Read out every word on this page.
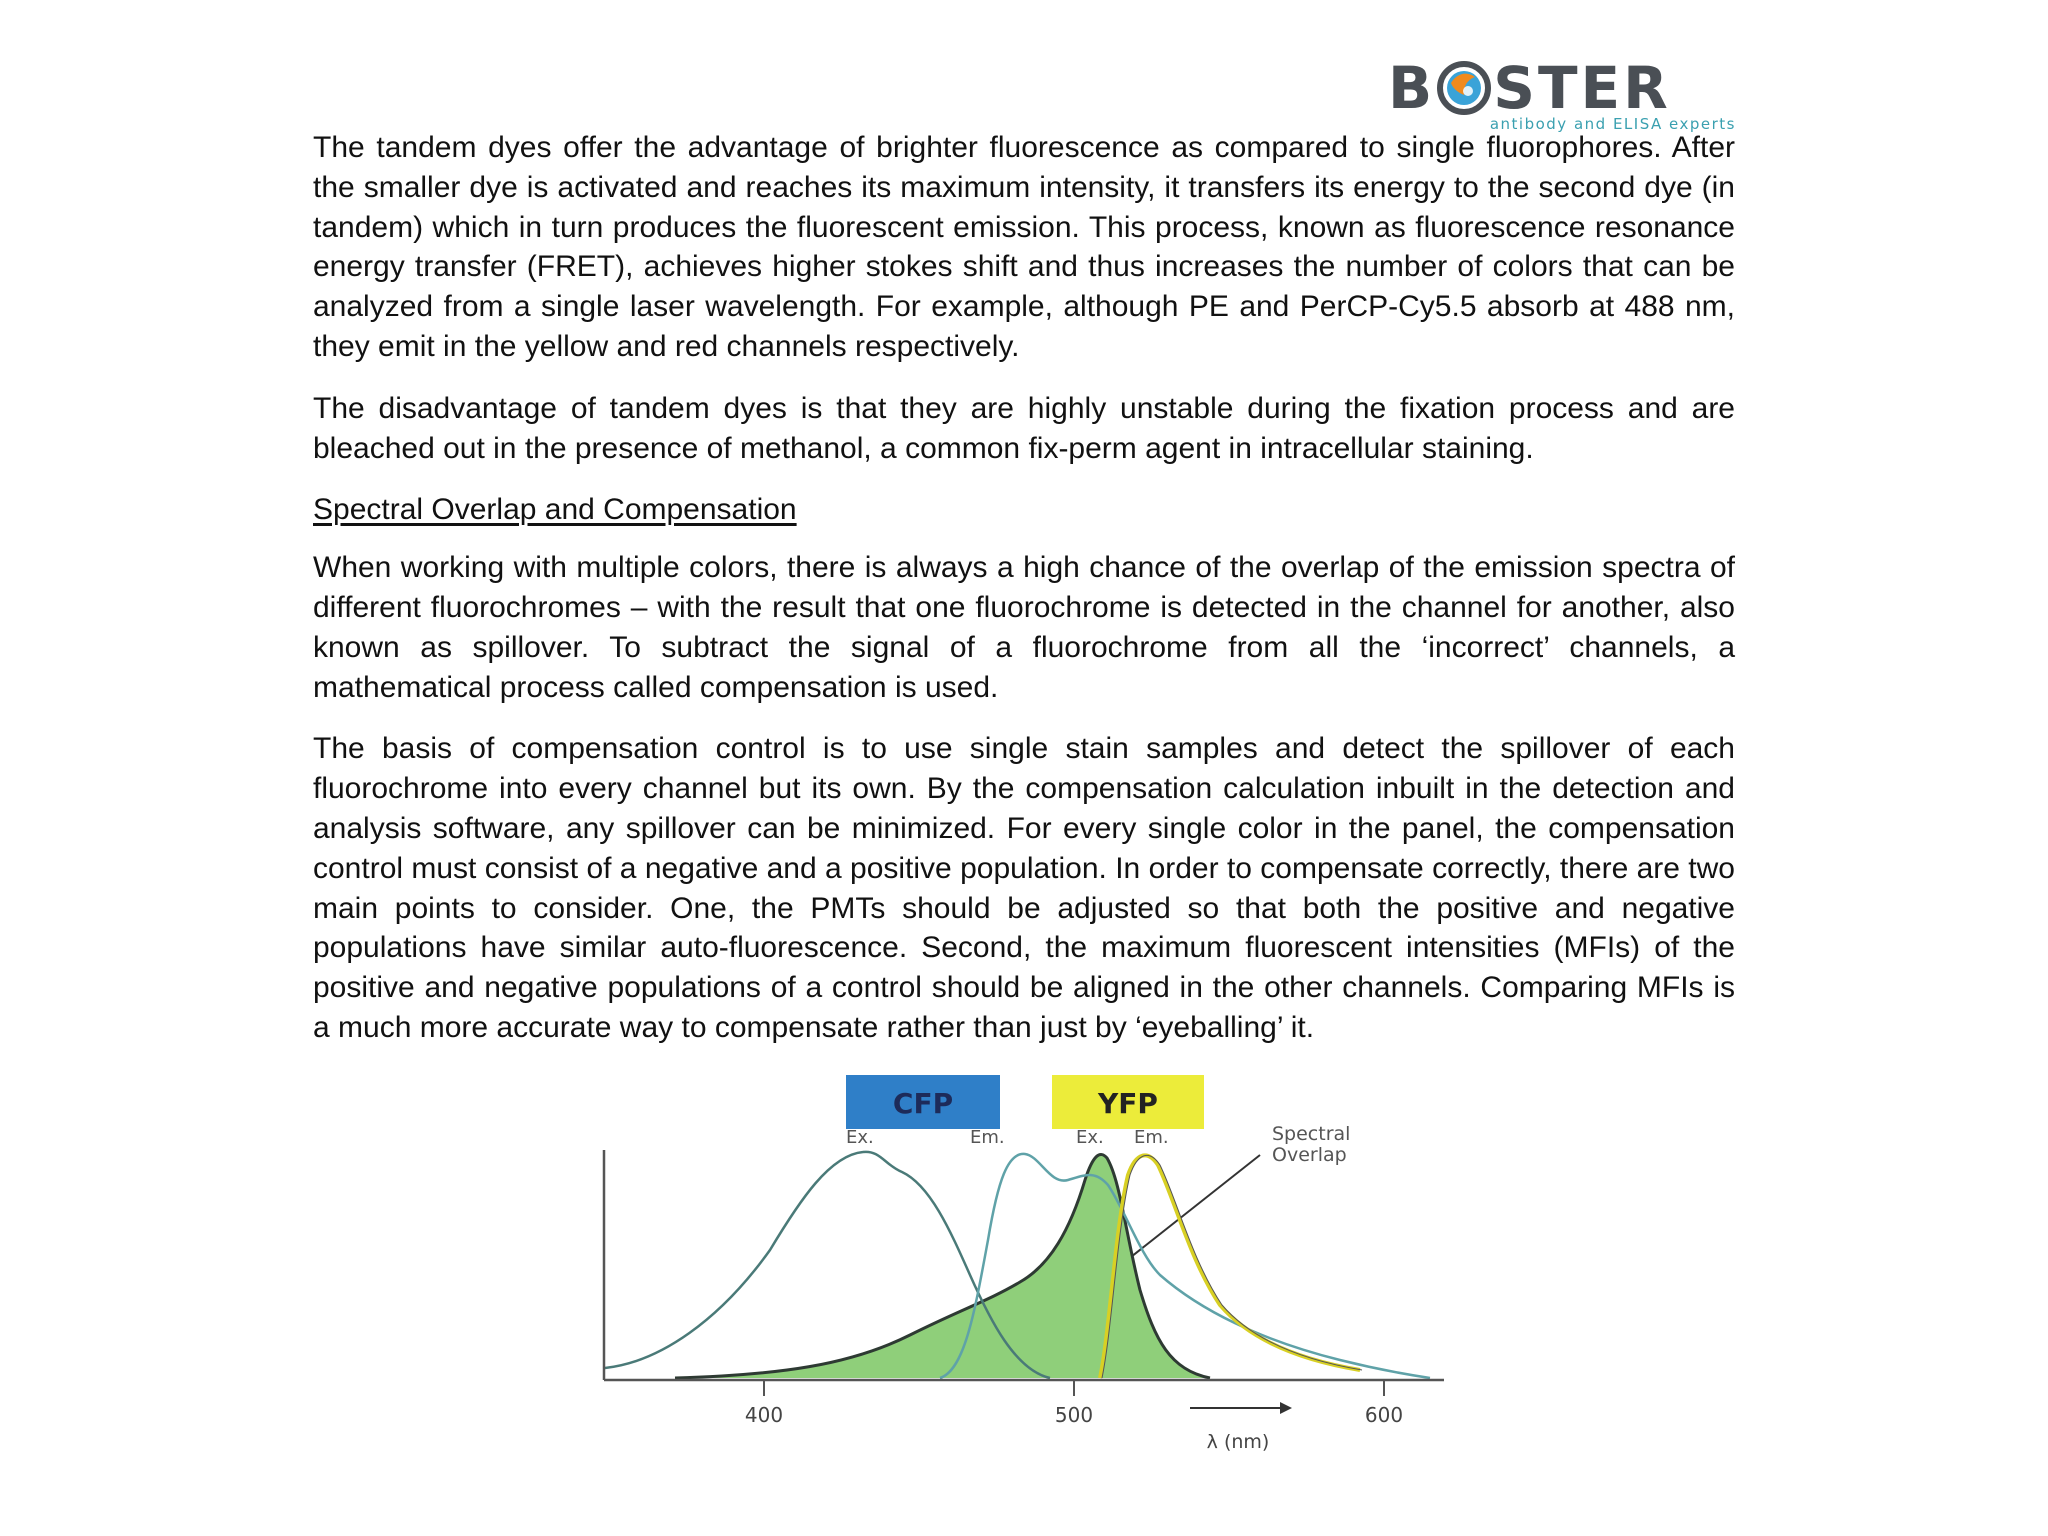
B STER
antibody and ELISA experts

The tandem dyes offer the advantage of brighter fluorescence as compared to single fluorophores. After the smaller dye is activated and reaches its maximum intensity, it transfers its energy to the second dye (in tandem) which in turn produces the fluorescent emission. This process, known as fluorescence resonance energy transfer (FRET), achieves higher stokes shift and thus increases the number of colors that can be analyzed from a single laser wavelength. For example, although PE and PerCP-Cy5.5 absorb at 488 nm, they emit in the yellow and red channels respectively.

The disadvantage of tandem dyes is that they are highly unstable during the fixation process and are bleached out in the presence of methanol, a common fix-perm agent in intracellular staining.

Spectral Overlap and Compensation

When working with multiple colors, there is always a high chance of the overlap of the emission spectra of different fluorochromes – with the result that one fluorochrome is detected in the channel for another, also known as spillover. To subtract the signal of a fluorochrome from all the ‘incorrect’ channels, a mathematical process called compensation is used.

The basis of compensation control is to use single stain samples and detect the spillover of each fluorochrome into every channel but its own. By the compensation calculation inbuilt in the detection and analysis software, any spillover can be minimized. For every single color in the panel, the compensation control must consist of a negative and a positive population. In order to compensate correctly, there are two main points to consider. One, the PMTs should be adjusted so that both the positive and negative populations have similar auto-fluorescence. Second, the maximum fluorescent intensities (MFIs) of the positive and negative populations of a control should be aligned in the other channels. Comparing MFIs is a much more accurate way to compensate rather than just by ‘eyeballing’ it.

CFP	YFP
Ex.	Em.	Ex. Em.	Spectral
Overlap
400	500	600
λ (nm)
